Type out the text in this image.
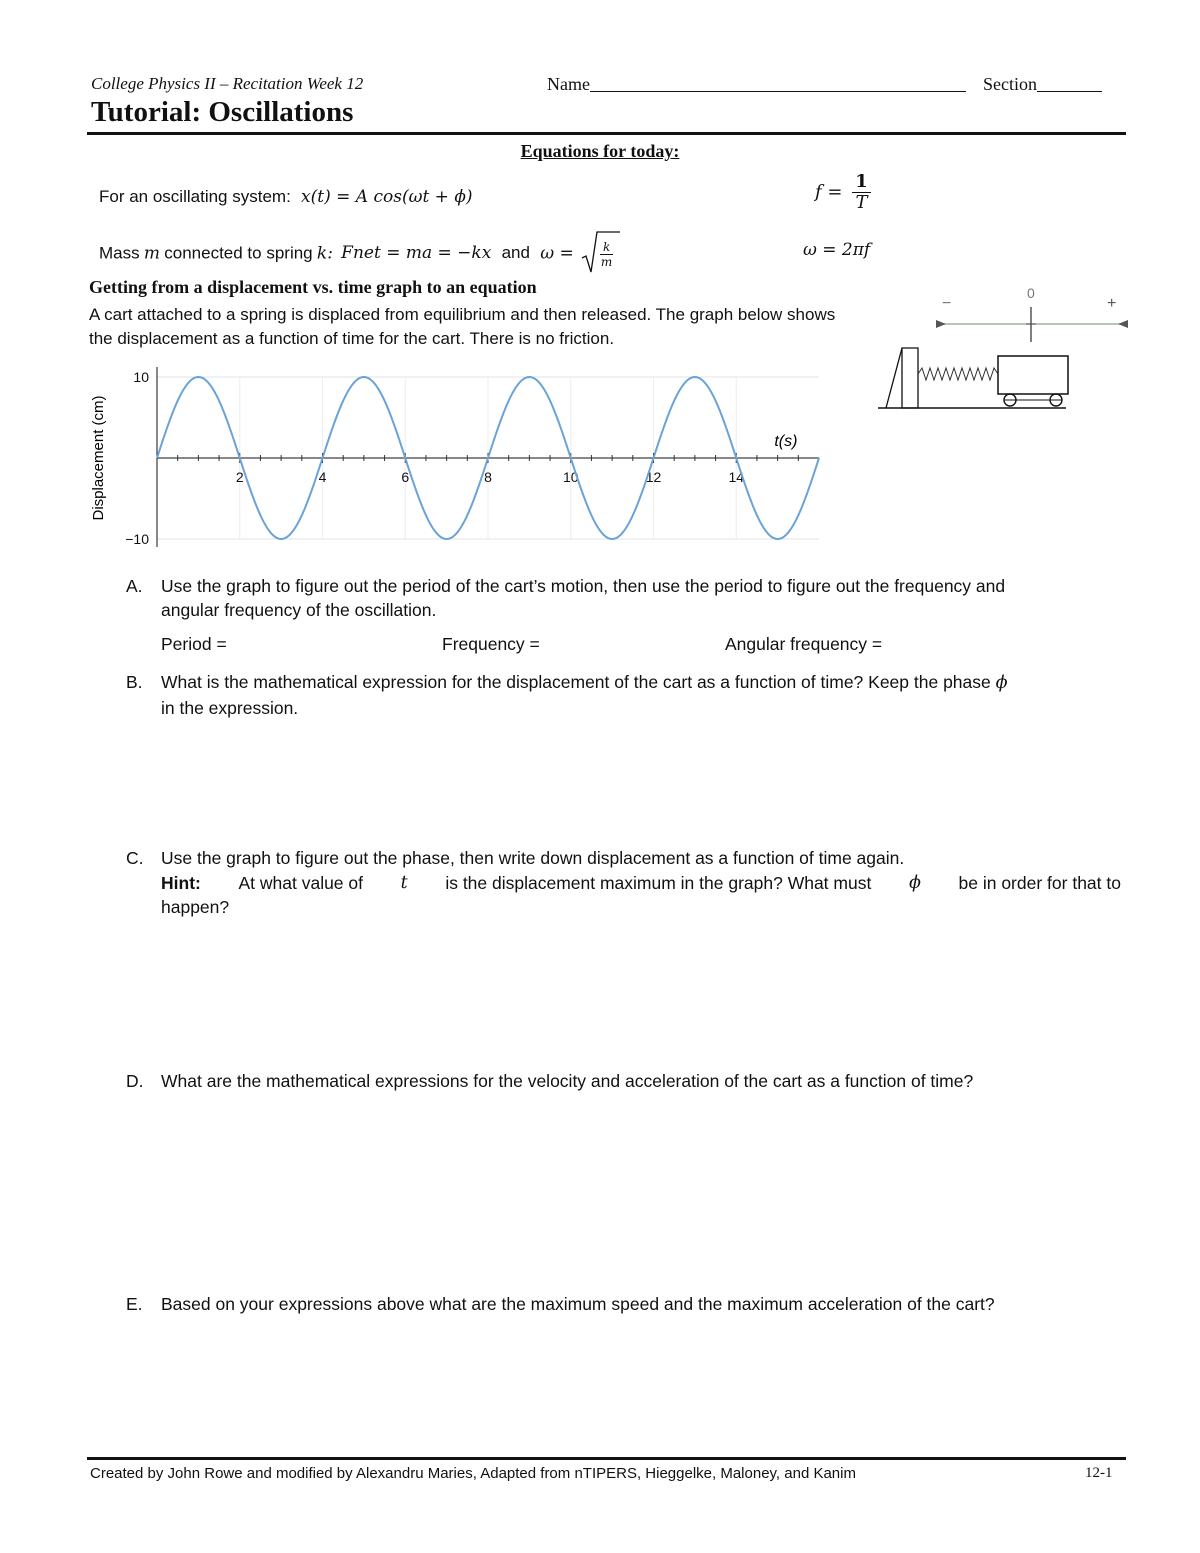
College Physics II – Recitation Week 12	Name	Section
Tutorial: Oscillations
Equations for today:
For an oscillating system: x(t) = A cos(ωt + ϕ)
Mass m connected to spring k: Fnet = ma = −kx and $\omega = \frac{k}{m}$
$f = \frac{1}{T}$
ω = 2πf
Getting from a displacement vs. time graph to an equation
A cart attached to a spring is displaced from equilibrium and then released. The graph below shows the displacement as a function of time for the cart. There is no friction.
−
0
+
2	4	6	8	10	12	14
10
−10
t(s)
Displacement (cm)
A. Use the graph to figure out the period of the cart’s motion, then use the period to figure out the frequency and
angular frequency of the oscillation.
Period =	Frequency =	Angular frequency =
B. What is the mathematical expression for the displacement of the cart as a function of time? Keep the phase ϕ
in the expression.
C. Use the graph to figure out the phase, then write down displacement as a function of time again.
Hint: At what value of t is the displacement maximum in the graph? What must ϕ be in order for that to
happen?
D. What are the mathematical expressions for the velocity and acceleration of the cart as a function of time?
E. Based on your expressions above what are the maximum speed and the maximum acceleration of the cart?
Created by John Rowe and modified by Alexandru Maries, Adapted from nTIPERS, Hieggelke, Maloney, and Kanim	12-1
